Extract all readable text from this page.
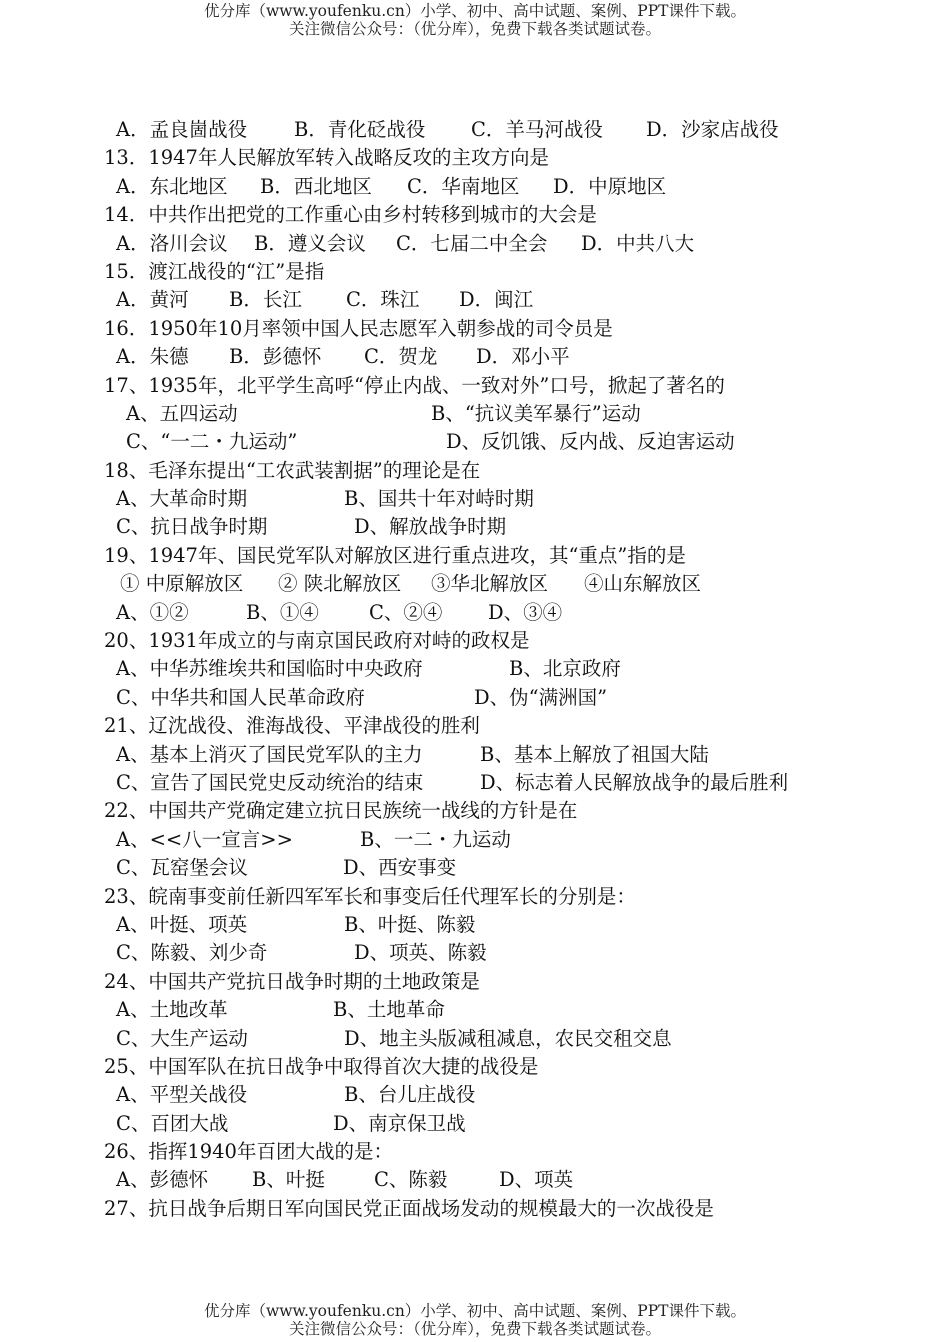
优分库（www.youfenku.cn）小学、初中、高中试题、案例、PPT课件下载。
关注微信公众号：（优分库），免费下载各类试题试卷。

A．孟良崮战役

B．青化砭战役

C．羊马河战役

D．沙家店战役

13．1947年人民解放军转入战略反攻的主攻方向是

A．东北地区

B．西北地区

C．华南地区

D．中原地区

14．中共作出把党的工作重心由乡村转移到城市的大会是

A．洛川会议

B．遵义会议

C．七届二中全会

D．中共八大

15．渡江战役的“江”是指

A．黄河

B．长江

C．珠江

D．闽江

16．1950年10月率领中国人民志愿军入朝参战的司令员是

A．朱德

B．彭德怀

C．贺龙

D．邓小平

17、1935年，北平学生高呼“停止内战、一致对外”口号，掀起了著名的

A、五四运动

	B、“抗议美军暴行”运动

C、“一二・九运动”

	D、反饥饿、反内战、反迫害运动

18、毛泽东提出“工农武装割据”的理论是在

A、大革命时期

	B、国共十年对峙时期

C、抗日战争时期

	D、解放战争时期

19、1947年、国民党军队对解放区进行重点进攻，其“重点”指的是

① 中原解放区

② 陕北解放区

③华北解放区

④山东解放区

A、①②

	B、①④

	C、②④

D、③④

20、1931年成立的与南京国民政府对峙的政权是

A、中华苏维埃共和国临时中央政府

	B、北京政府

C、中华共和国人民革命政府

	D、伪“满洲国”

21、辽沈战役、淮海战役、平津战役的胜利

A、基本上消灭了国民党军队的主力

	B、基本上解放了祖国大陆

C、宣告了国民党史反动统治的结束

	D、标志着人民解放战争的最后胜利

22、中国共产党确定建立抗日民族统一战线的方针是在

A、<<八一宣言>>

	B、一二・九运动

C、瓦窑堡会议

	D、西安事变

23、皖南事变前任新四军军长和事变后任代理军长的分别是：

A、叶挺、项英

	B、叶挺、陈毅

C、陈毅、刘少奇

	D、项英、陈毅

24、中国共产党抗日战争时期的土地政策是

A、土地改革

	B、土地革命

C、大生产运动

	D、地主头版减租减息，农民交租交息

25、中国军队在抗日战争中取得首次大捷的战役是

A、平型关战役

	B、台儿庄战役

C、百团大战

	D、南京保卫战

26、指挥1940年百团大战的是：

A、彭德怀

B、叶挺

	C、陈毅

	D、项英

27、抗日战争后期日军向国民党正面战场发动的规模最大的一次战役是
优分库（www.youfenku.cn）小学、初中、高中试题、案例、PPT课件下载。
关注微信公众号：（优分库），免费下载各类试题试卷。
